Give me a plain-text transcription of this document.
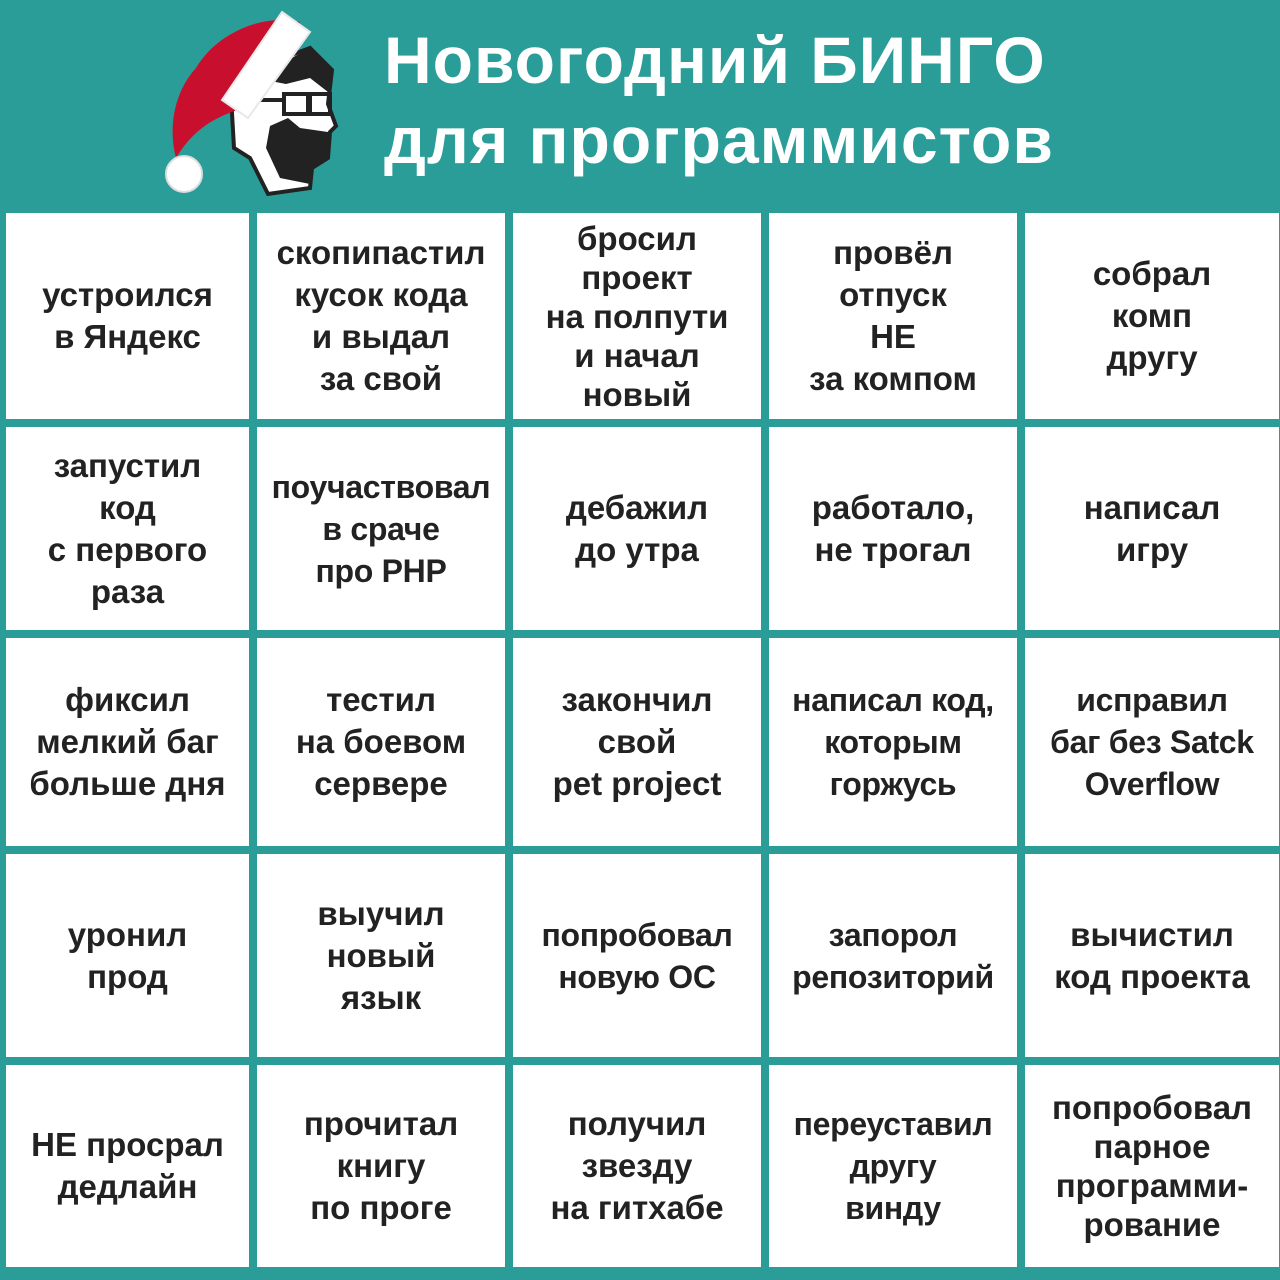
Новогодний БИНГО
для программистов
устроился
в Яндекс
скопипастил
кусок кода
и выдал
за свой
бросил
проект
на полпути
и начал
новый
провёл
отпуск
НЕ
за компом
собрал
комп
другу
запустил
код
с первого
раза
поучаствовал
в сраче
про PHP
дебажил
до утра
работало,
не трогал
написал
игру
фиксил
мелкий баг
больше дня
тестил
на боевом
сервере
закончил
свой
pet project
написал код,
которым
горжусь
исправил
баг без Satck
Overflow
уронил
прод
выучил
новый
язык
попробовал
новую ОС
запорол
репозиторий
вычистил
код проекта
НЕ просрал
дедлайн
прочитал
книгу
по проге
получил
звезду
на гитхабе
переуставил
другу
винду
попробовал
парное
программи-
рование
